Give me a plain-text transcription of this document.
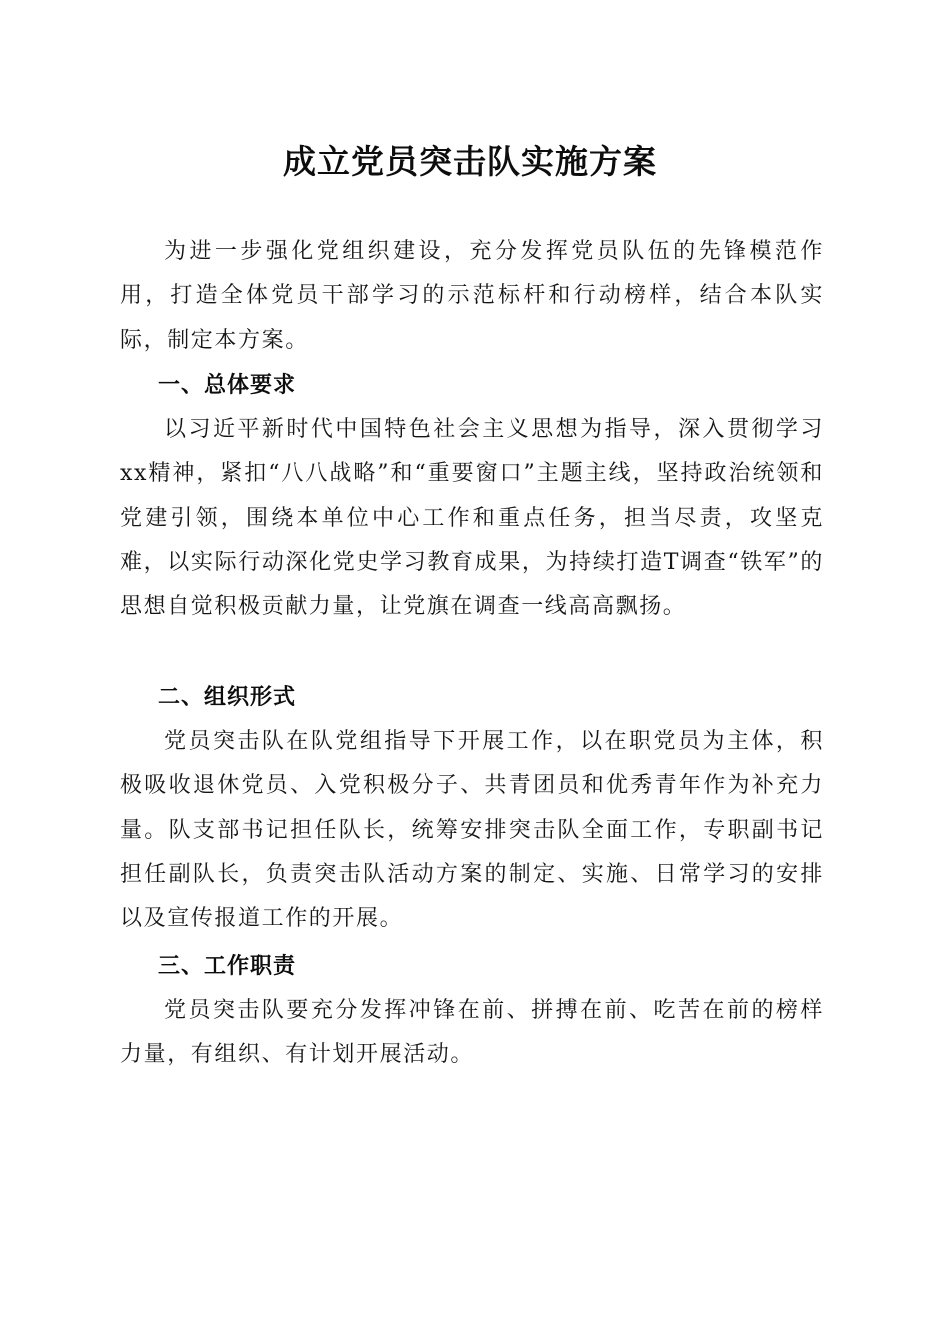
成立党员突击队实施方案

为进一步强化党组织建设，充分发挥党员队伍的先锋模范作用，打造全体党员干部学习的示范标杆和行动榜样，结合本队实际，制定本方案。

一、总体要求

以习近平新时代中国特色社会主义思想为指导，深入贯彻学习xx精神，紧扣“八八战略”和“重要窗口”主题主线，坚持政治统领和党建引领，围绕本单位中心工作和重点任务，担当尽责，攻坚克难，以实际行动深化党史学习教育成果，为持续打造T调查“铁军”的思想自觉积极贡献力量，让党旗在调查一线高高飘扬。

二、组织形式

党员突击队在队党组指导下开展工作，以在职党员为主体，积极吸收退休党员、入党积极分子、共青团员和优秀青年作为补充力量。队支部书记担任队长，统筹安排突击队全面工作，专职副书记担任副队长，负责突击队活动方案的制定、实施、日常学习的安排以及宣传报道工作的开展。

三、工作职责

党员突击队要充分发挥冲锋在前、拼搏在前、吃苦在前的榜样力量，有组织、有计划开展活动。
